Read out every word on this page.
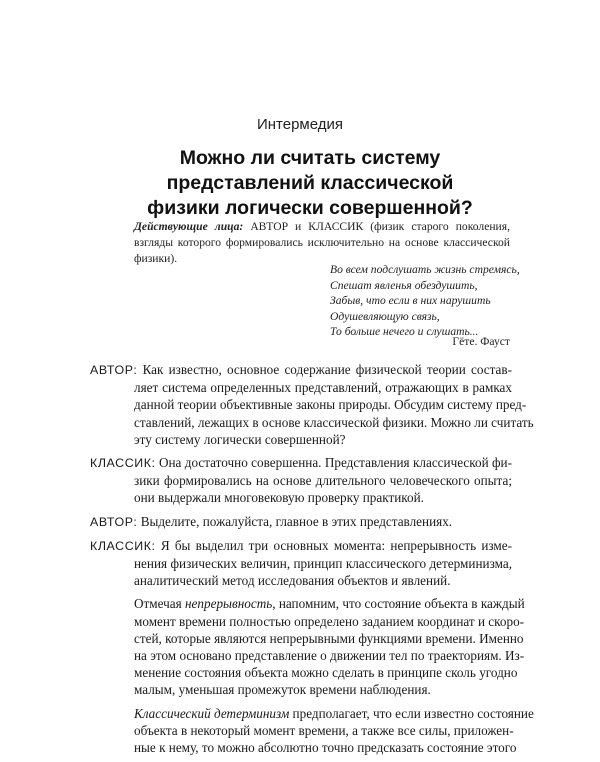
Интермедия
Можно ли считать систему
представлений классической
физики логически совершенной?
Действующие лица: АВТОР и КЛАССИК (физик старого поколения, взгляды которого формировались исключительно на основе классической физики).
Во всем подслушать жизнь стремясь,
Спешат явленья обездушить,
Забыв, что если в них нарушить
Одушевляющую связь,
То больше нечего и слушать...
Гёте. Фауст
АВТОР: Как известно, основное содержание физической теории состав-
ляет система определенных представлений, отражающих в рамках
данной теории объективные законы природы. Обсудим систему пред-
ставлений, лежащих в основе классической физики. Можно ли считать
эту систему логически совершенной?
КЛАССИК: Она достаточно совершенна. Представления классической фи-
зики формировались на основе длительного человеческого опыта;
они выдержали многовековую проверку практикой.
АВТОР: Выделите, пожалуйста, главное в этих представлениях.
КЛАССИК: Я бы выделил три основных момента: непрерывность изме-
нения физических величин, принцип классического детерминизма,
аналитический метод исследования объектов и явлений.
Отмечая непрерывность, напомним, что состояние объекта в каждый
момент времени полностью определено заданием координат и скоро-
стей, которые являются непрерывными функциями времени. Именно
на этом основано представление о движении тел по траекториям. Из-
менение состояния объекта можно сделать в принципе сколь угодно
малым, уменьшая промежуток времени наблюдения.
Классический детерминизм предполагает, что если известно состояние
объекта в некоторый момент времени, а также все силы, приложен-
ные к нему, то можно абсолютно точно предсказать состояние этого
